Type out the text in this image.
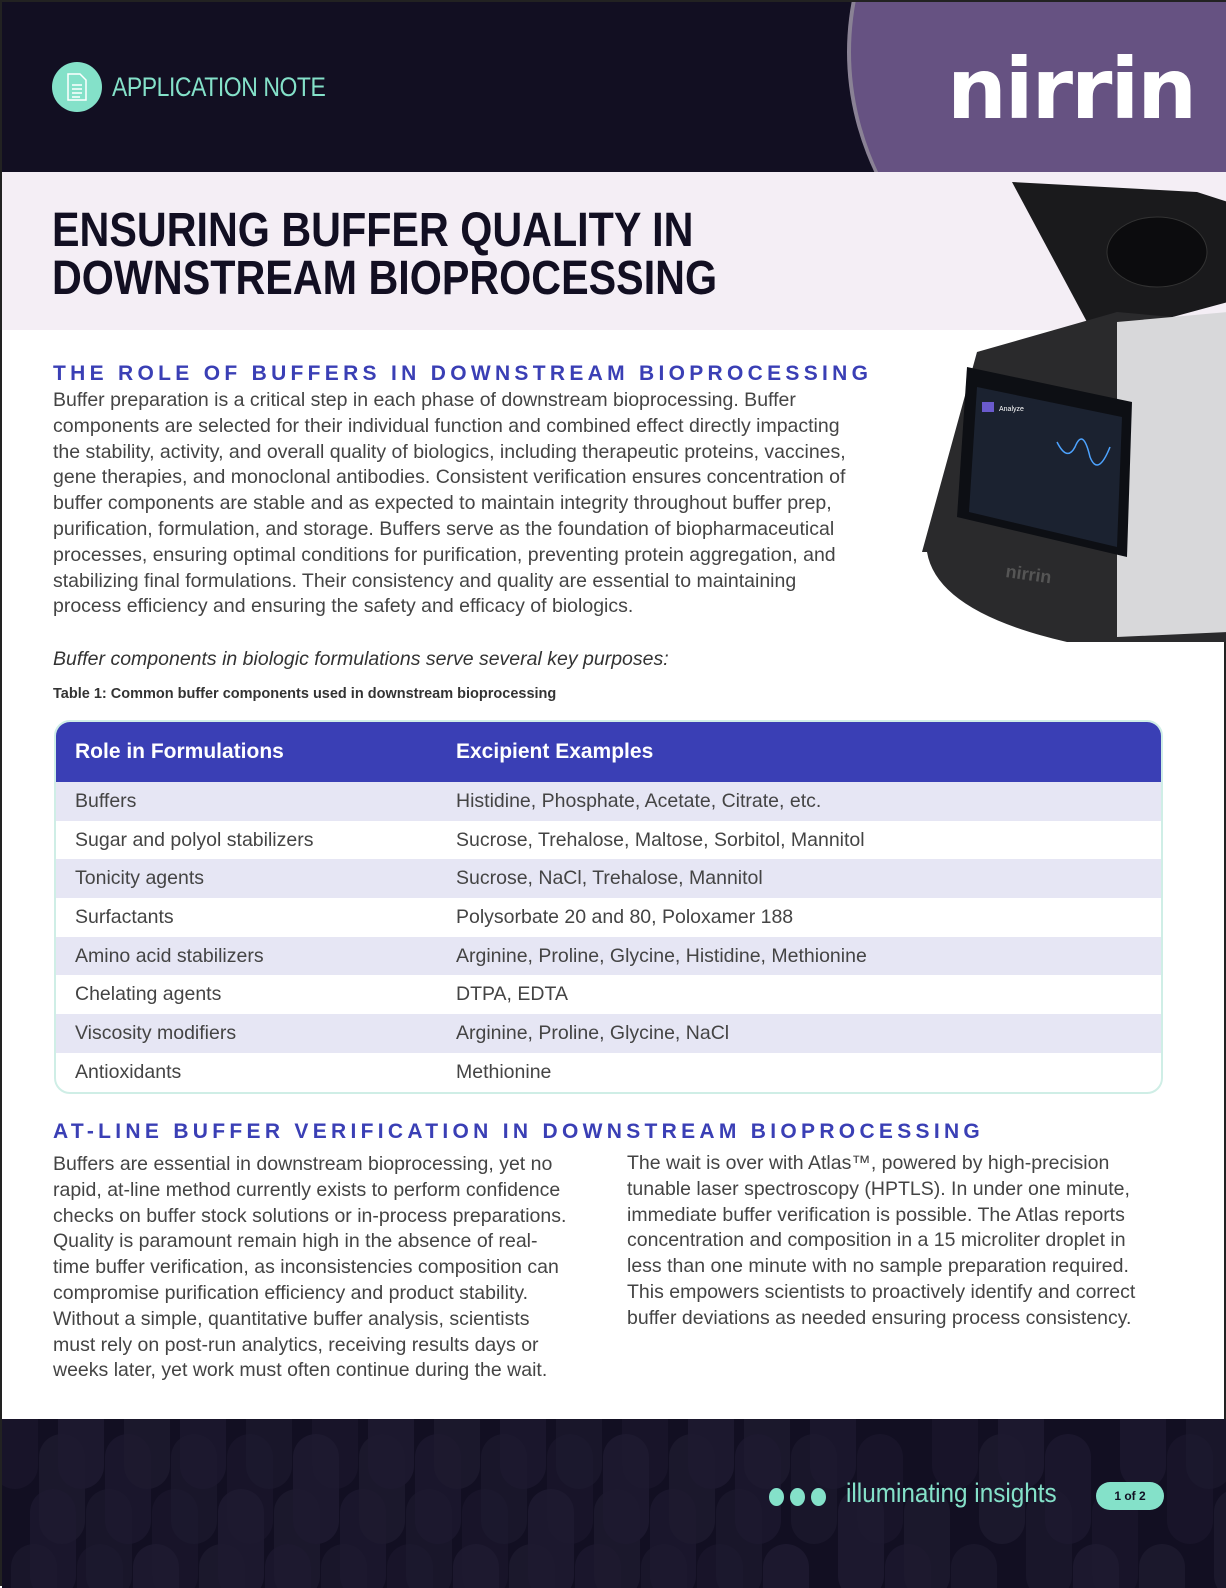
APPLICATION NOTE	nirrin
ENSURING BUFFER QUALITY IN
DOWNSTREAM BIOPROCESSING
Analyze
nirrin
THE ROLE OF BUFFERS IN DOWNSTREAM BIOPROCESSING
Buffer preparation is a critical step in each phase of downstream bioprocessing. Buffer
components are selected for their individual function and combined effect directly impacting
the stability, activity, and overall quality of biologics, including therapeutic proteins, vaccines,
gene therapies, and monoclonal antibodies. Consistent verification ensures concentration of
buffer components are stable and as expected to maintain integrity throughout buffer prep,
purification, formulation, and storage. Buffers serve as the foundation of biopharmaceutical
processes, ensuring optimal conditions for purification, preventing protein aggregation, and
stabilizing final formulations. Their consistency and quality are essential to maintaining
process efficiency and ensuring the safety and efficacy of biologics.
Buffer components in biologic formulations serve several key purposes:
Table 1: Common buffer components used in downstream bioprocessing
Role in Formulations	Excipient Examples
Buffers	Histidine, Phosphate, Acetate, Citrate, etc.
Sugar and polyol stabilizers	Sucrose, Trehalose, Maltose, Sorbitol, Mannitol
Tonicity agents	Sucrose, NaCl, Trehalose, Mannitol
Surfactants	Polysorbate 20 and 80, Poloxamer 188
Amino acid stabilizers	Arginine, Proline, Glycine, Histidine, Methionine
Chelating agents	DTPA, EDTA
Viscosity modifiers	Arginine, Proline, Glycine, NaCl
Antioxidants	Methionine
AT-LINE BUFFER VERIFICATION IN DOWNSTREAM BIOPROCESSING
Buffers are essential in downstream bioprocessing, yet no
rapid, at-line method currently exists to perform confidence
checks on buffer stock solutions or in-process preparations.
Quality is paramount remain high in the absence of real-
time buffer verification, as inconsistencies composition can
compromise purification efficiency and product stability.
Without a simple, quantitative buffer analysis, scientists
must rely on post-run analytics, receiving results days or
weeks later, yet work must often continue during the wait.
The wait is over with Atlas™, powered by high-precision
tunable laser spectroscopy (HPTLS). In under one minute,
immediate buffer verification is possible. The Atlas reports
concentration and composition in a 15 microliter droplet in
less than one minute with no sample preparation required.
This empowers scientists to proactively identify and correct
buffer deviations as needed ensuring process consistency.
illuminating insights	1 of 2
